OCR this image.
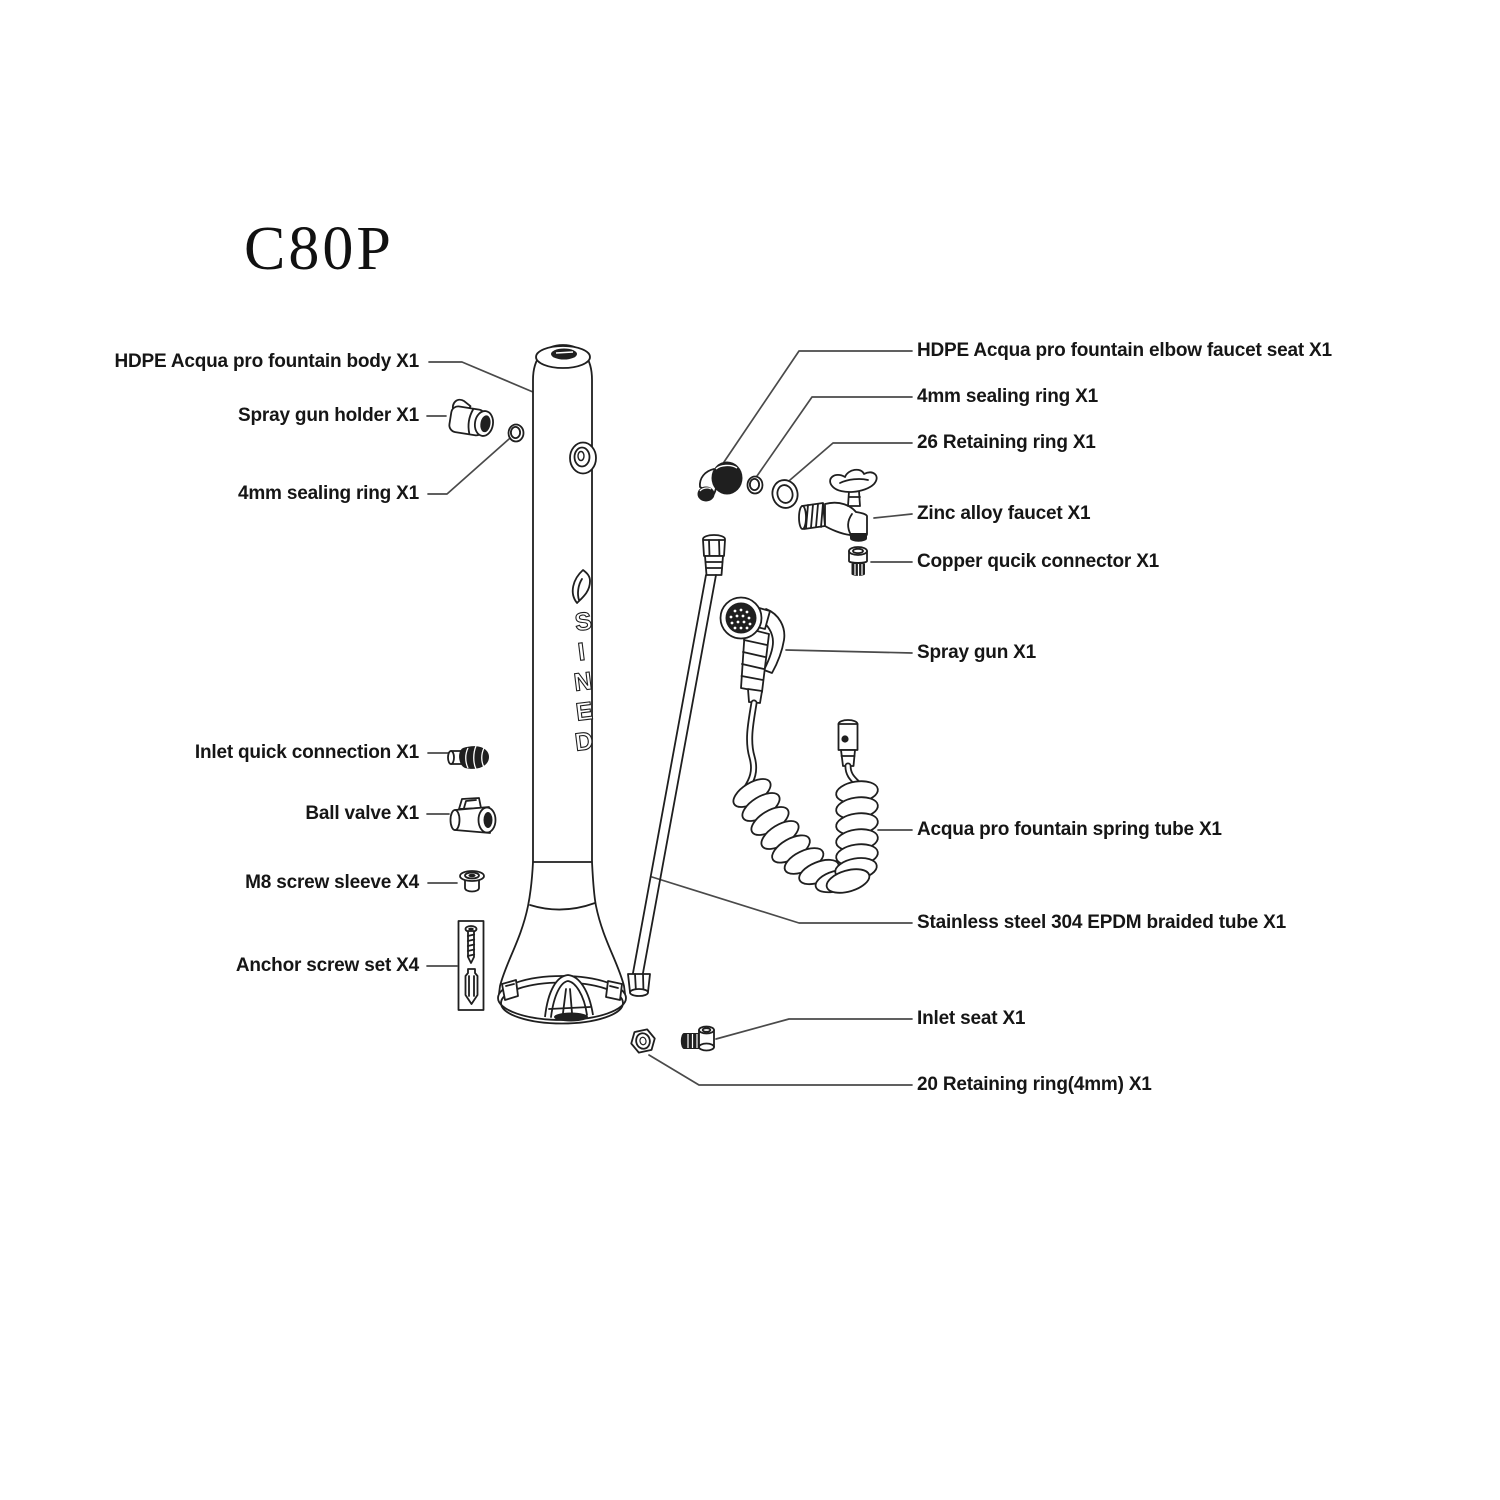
S
I
N
E
D
C80P
HDPE Acqua pro fountain body X1
Spray gun holder X1
4mm sealing ring X1
Inlet quick connection X1
Ball valve X1
M8 screw sleeve X4
Anchor screw set X4
HDPE Acqua pro fountain elbow faucet seat X1
4mm sealing ring X1
26 Retaining ring X1
Zinc alloy faucet X1
Copper qucik connector X1
Spray gun X1
Acqua pro fountain spring tube X1
Stainless steel 304 EPDM braided tube X1
Inlet seat X1
20 Retaining ring(4mm) X1
